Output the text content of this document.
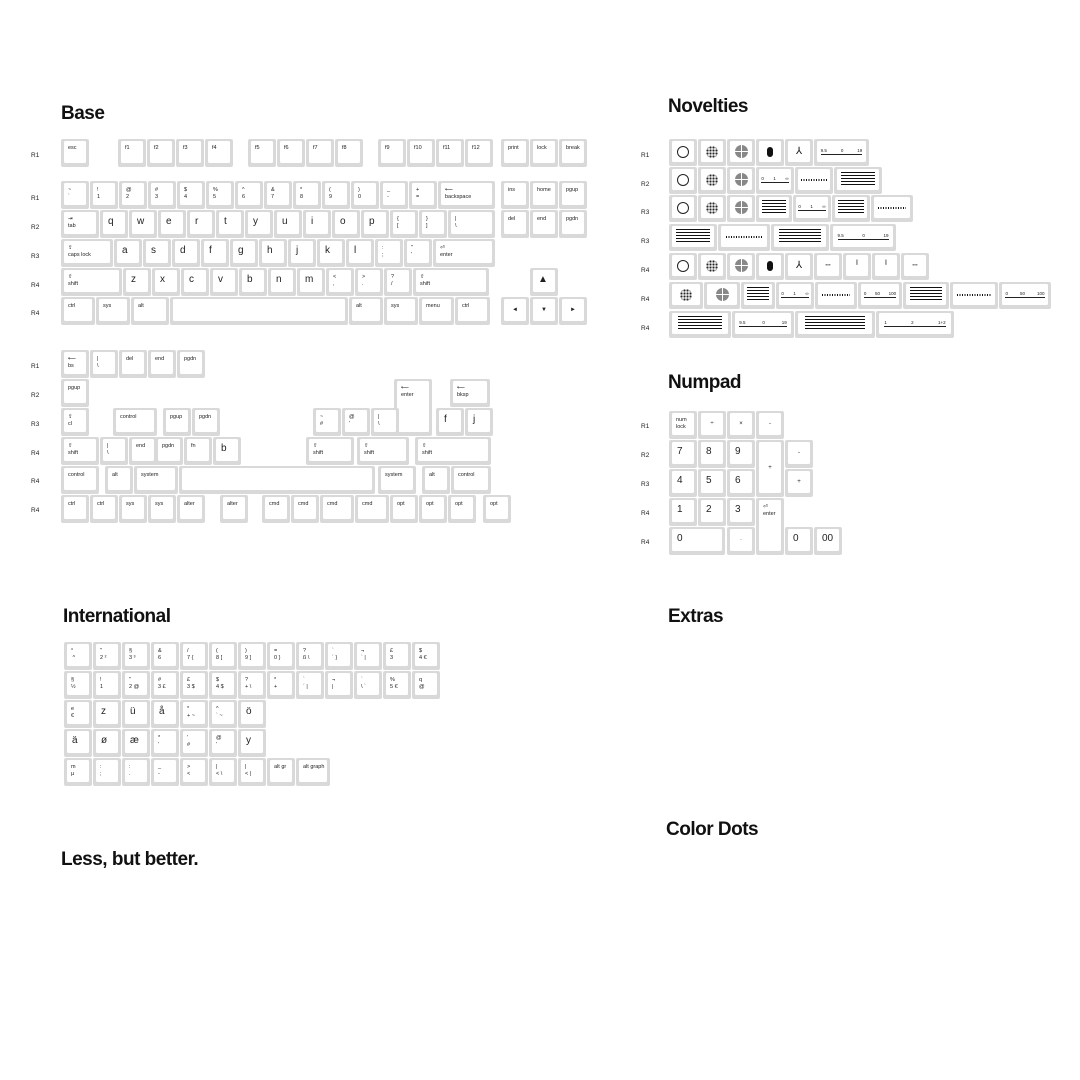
Base	Novelties
Numpad
International	Extras
Less, but better.
Color Dots
R1
R1
R2
R3
R4
R4
R1
R2
R3
R4
R4
R4
esc	f1	f2	f3	f4	f5	f6	f7	f8	f9	f10	f11	f12	print	lock	break
~
`
!
1
@
2
#
3
$
4
%
5
^
6
&
7
*
8
(
9
)
0
_
-
+
=
⟵
backspace
ins	home	pgup
⇥
tab	q w e r	t	y u i	o p	{
[
}
]
|
\
del	end	pgdn
⇪
caps lock	a s d f	g h j	k l	:
;
"
'
⏎
enter
⇧
shift	z x c v b n m	<
,
>
.
?
/
⇧
shift	▲
ctrl	sys	alt	alt	sys	menu	ctrl
◄	▼	►
⟵
bs
|
\
del	end	pgdn
pgup	⟵
enter
⟵
bksp
⇪
cl
control	pgup	pgdn	~
#
@
'
|
\	f	j
⇧
shift
|
\
end	pgdn	fn	b	⇧
shift
⇧
shift
⇧
shift
control	alt	system	system	alt	control
ctrl	ctrl	sys	sys	alter	alter	cmd	cmd	cmd	cmd	opt	opt	opt	opt
R1
R2
R3
R3
R4
R4
R4
⅄	9.5	0	19
0 1 ∞
0 1 ∞
9.5	0	19
⅄	╌	╵	╵	╌
0 1 ∞	0 50 100	0	50	100
9.5	0	19	1	2	1+2
R1
R2
R3
R4
R4
num
lock	÷	×	-
7 8 9
+
-
4 5 6	+
1 2 3	⏎
enter
0	·	0 00
°
^
"
2 ²
§
3 ³
&
6
/
7 {
(
8 [
)
9 ]
=
0 }
?
ß \
`
´ }
¬
` |
£
3
$
4 €
§
½
!
1
"
2 @
#
3 £
£
3 $
$
4 $
?
+ \
*
+
`
´ |
¬
|
`
\ `
%
5 €
q
@
e
€	z ü å	*
+ ~
^
` ~ ö
ä ø æ	*
'
'
#
@
'	y
m
µ
:
;
:
.
_
-
>
<
|
< \
|
< |
alt gr	alt graph
